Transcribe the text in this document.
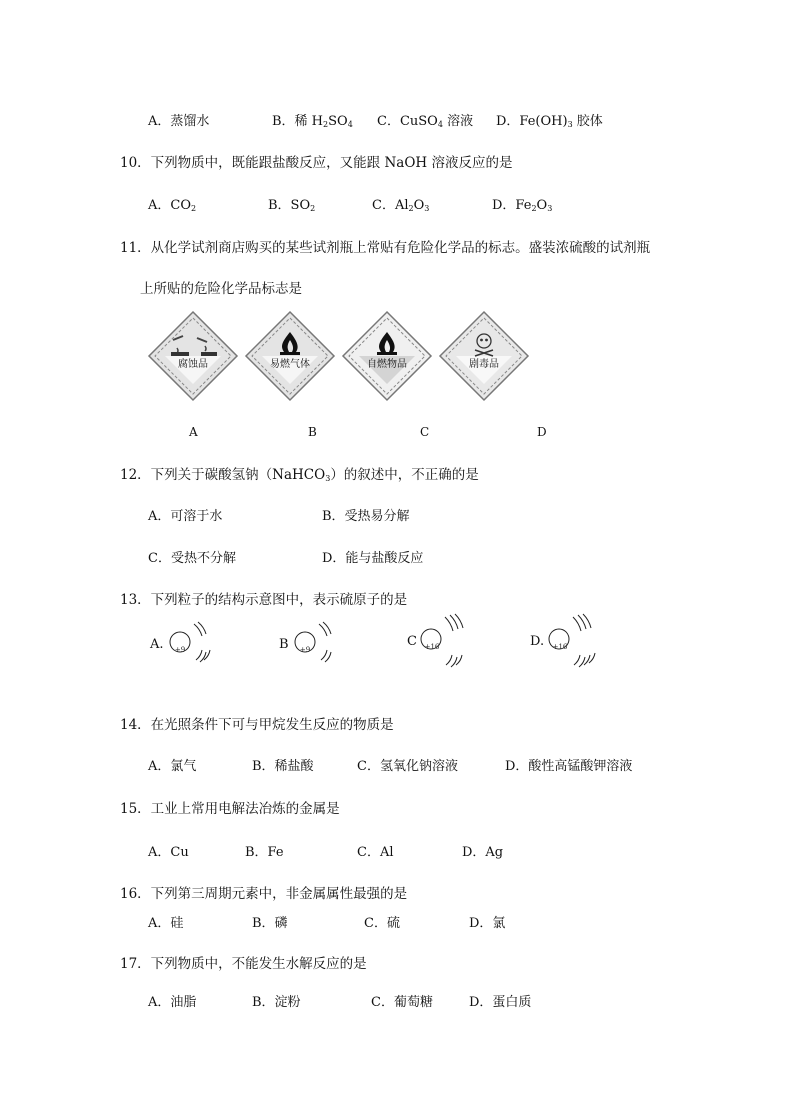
A．蒸馏水	B．稀 $H_2SO_4$ C．CuSO$_4$ 溶液 D．$Fe(OH)_3$ 胶体
10．下列物质中，既能跟盐酸反应，又能跟 NaOH 溶液反应的是
A．$CO_2$	B．$SO_2$	C．$Al_2O_3$	D．$Fe_2O_3$
11．从化学试剂商店购买的某些试剂瓶上常贴有危险化学品的标志。盛装浓硫酸的试剂瓶
上所贴的危险化学品标志是
腐蚀品	易燃气体	自燃物品	剧毒品
A	B	C	D
12．下列关于碳酸氢钠（NaHCO$_3$）的叙述中，不正确的是
A．可溶于水	B．受热易分解
C．受热不分解	D．能与盐酸反应
13．下列粒子的结构示意图中，表示硫原子的是
A. +9	B +9
C +16	D. +16
14．在光照条件下可与甲烷发生反应的物质是
A．氯气	B．稀盐酸	C．氢氧化钠溶液	D．酸性高锰酸钾溶液
15．工业上常用电解法冶炼的金属是
A．Cu	B．Fe	C．Al	D．Ag
16．下列第三周期元素中，非金属属性最强的是
A．硅	B．磷	C．硫	D．氯
17．下列物质中，不能发生水解反应的是
A．油脂	B．淀粉	C．葡萄糖	D．蛋白质
